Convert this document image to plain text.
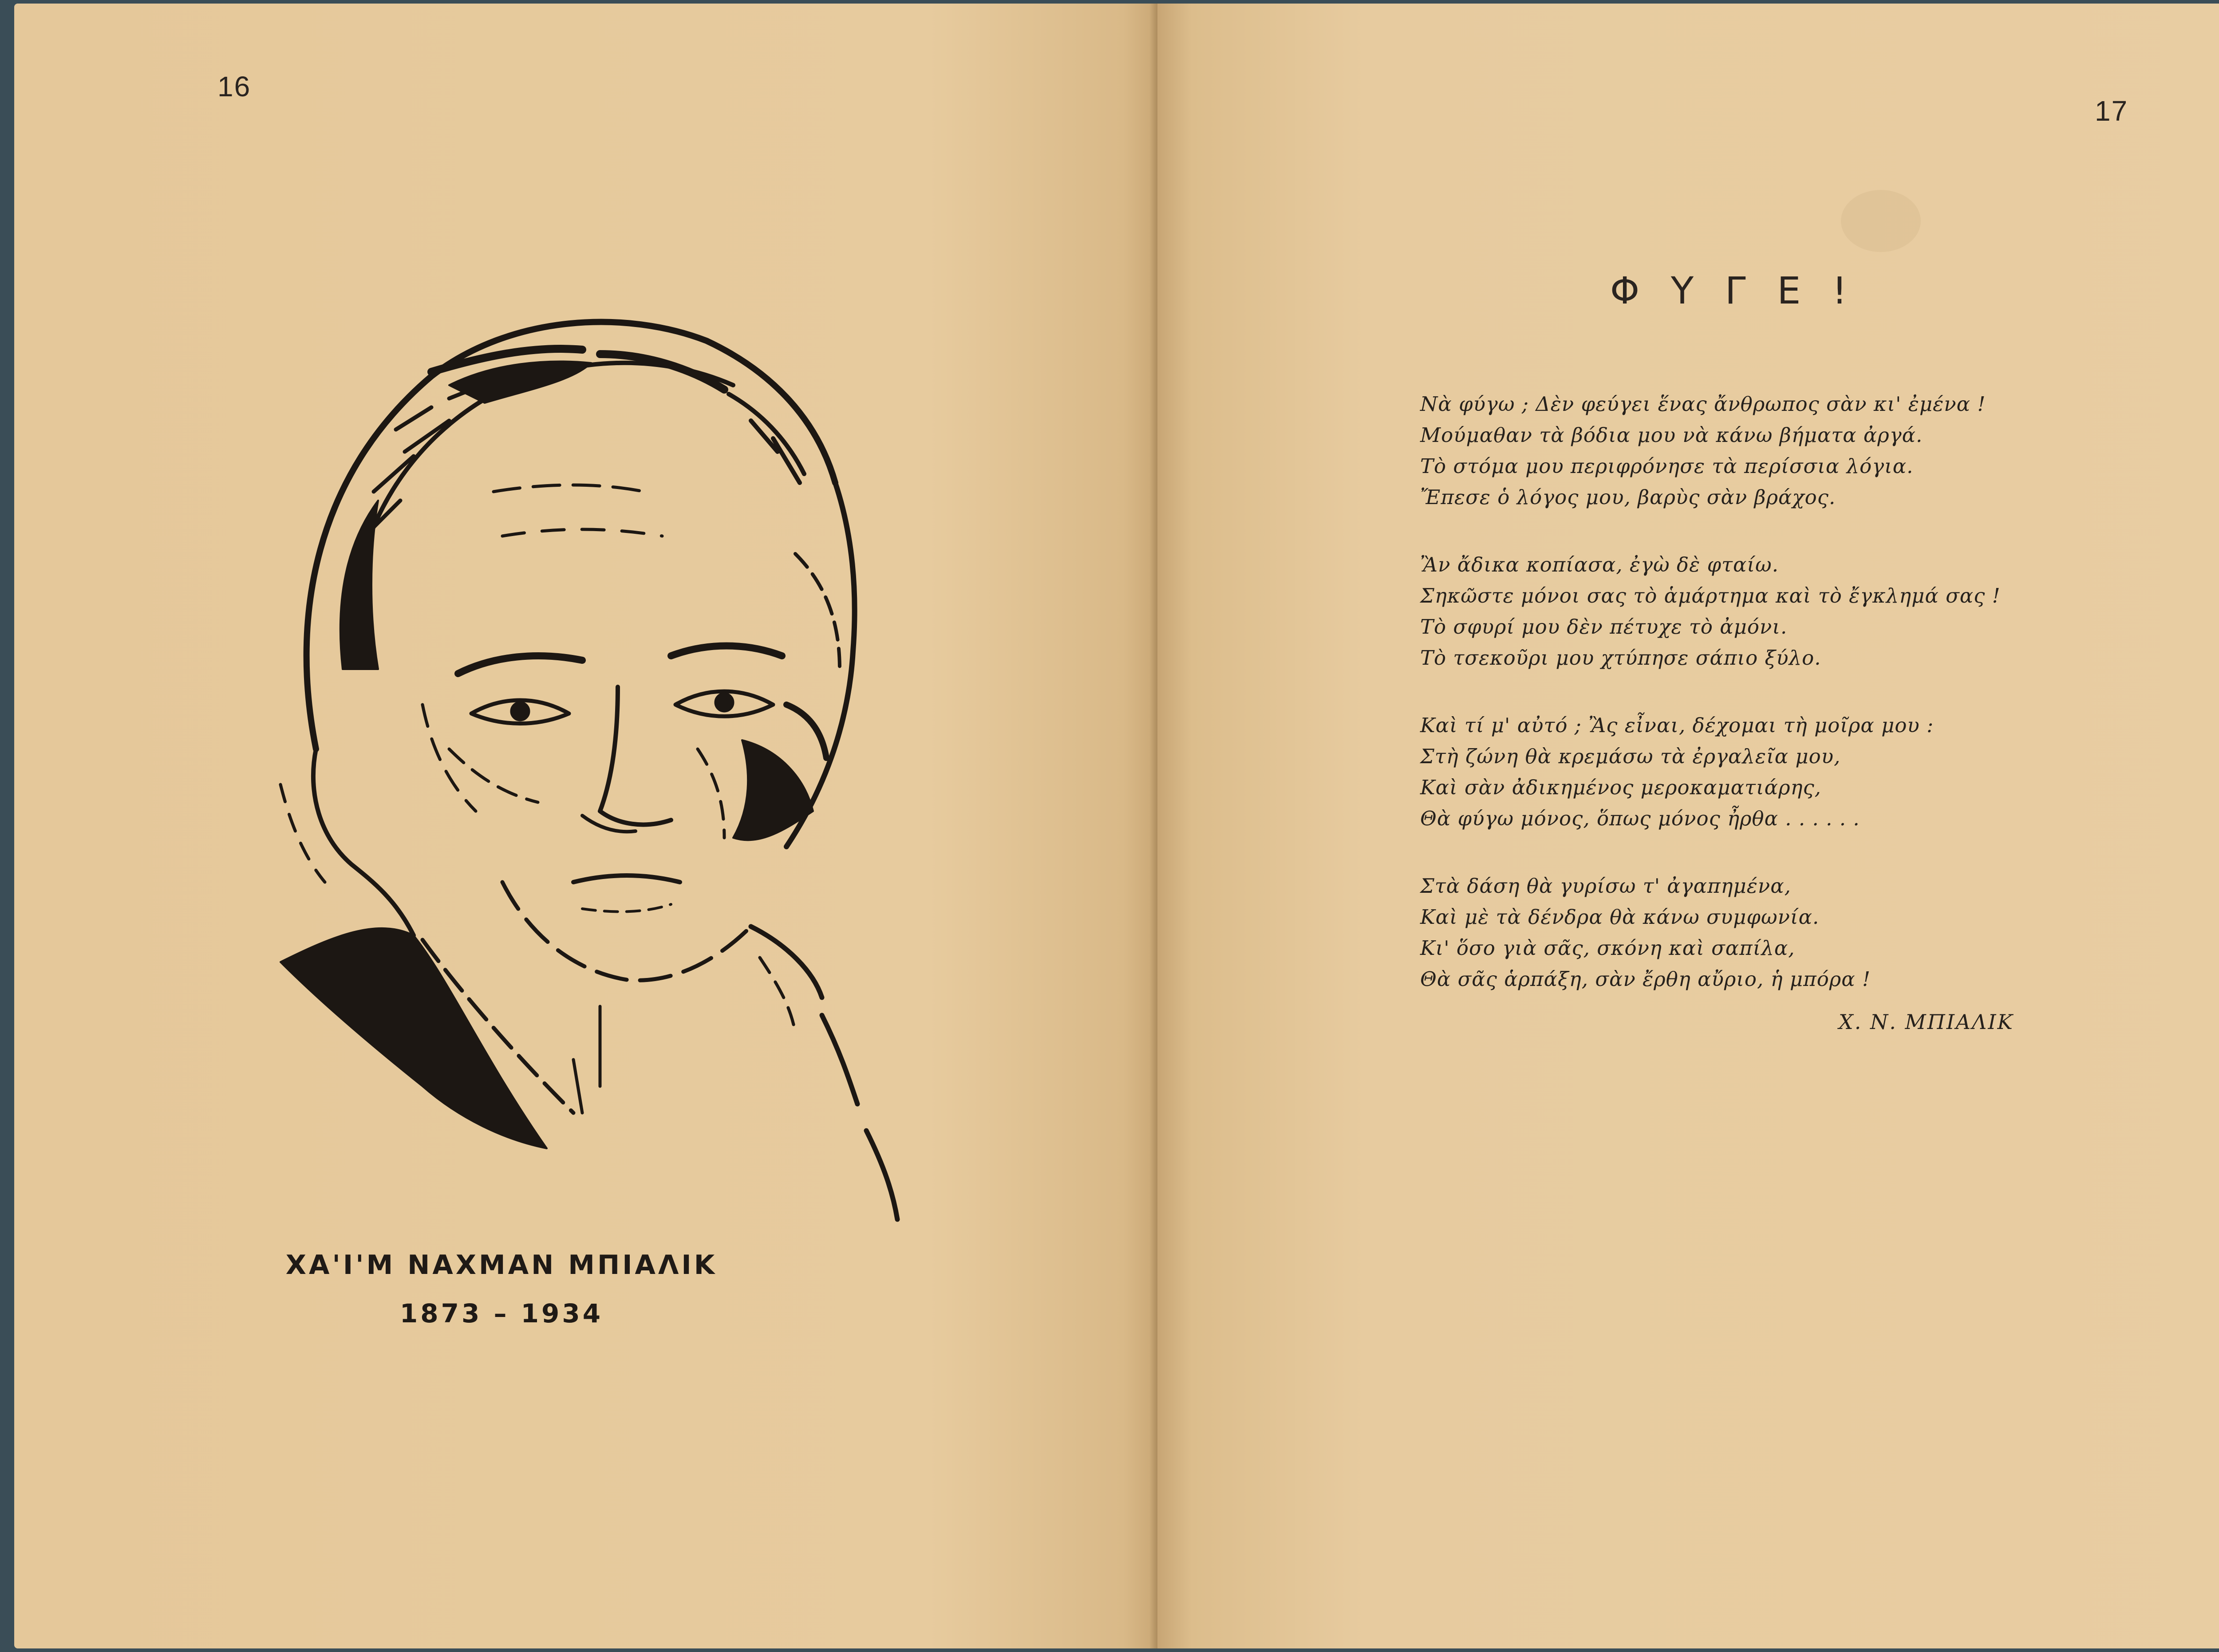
16
ΧΑ'Ι'Μ ΝΑΧΜΑΝ ΜΠΙΑΛΙΚ
1873 – 1934
17
Φ Υ Γ Ε !
Νὰ φύγω ; Δὲν φεύγει ἕνας ἄνθρωπος σὰν κι' ἐμένα !
Μούμαθαν τὰ βόδια μου νὰ κάνω βήματα ἀργά.
Τὸ στόμα μου περιφρόνησε τὰ περίσσια λόγια.
Ἔπεσε ὁ λόγος μου, βαρὺς σὰν βράχος.
Ἂν ἄδικα κοπίασα, ἐγὼ δὲ φταίω.
Σηκῶστε μόνοι σας τὸ ἁμάρτημα καὶ τὸ ἔγκλημά σας !
Τὸ σφυρί μου δὲν πέτυχε τὸ ἀμόνι.
Τὸ τσεκοῦρι μου χτύπησε σάπιο ξύλο.
Καὶ τί μ' αὐτό ; Ἂς εἶναι, δέχομαι τὴ μοῖρα μου :
Στὴ ζώνη θὰ κρεμάσω τὰ ἐργαλεῖα μου,
Καὶ σὰν ἀδικημένος μεροκαματιάρης,
Θὰ φύγω μόνος, ὅπως μόνος ἦρθα . . . . . .
Στὰ δάση θὰ γυρίσω τ' ἀγαπημένα,
Καὶ μὲ τὰ δένδρα θὰ κάνω συμφωνία.
Κι' ὅσο γιὰ σᾶς, σκόνη καὶ σαπίλα,
Θὰ σᾶς ἁρπάξη, σὰν ἔρθη αὔριο, ἡ μπόρα !
Χ. Ν. ΜΠΙΑΛΙΚ
